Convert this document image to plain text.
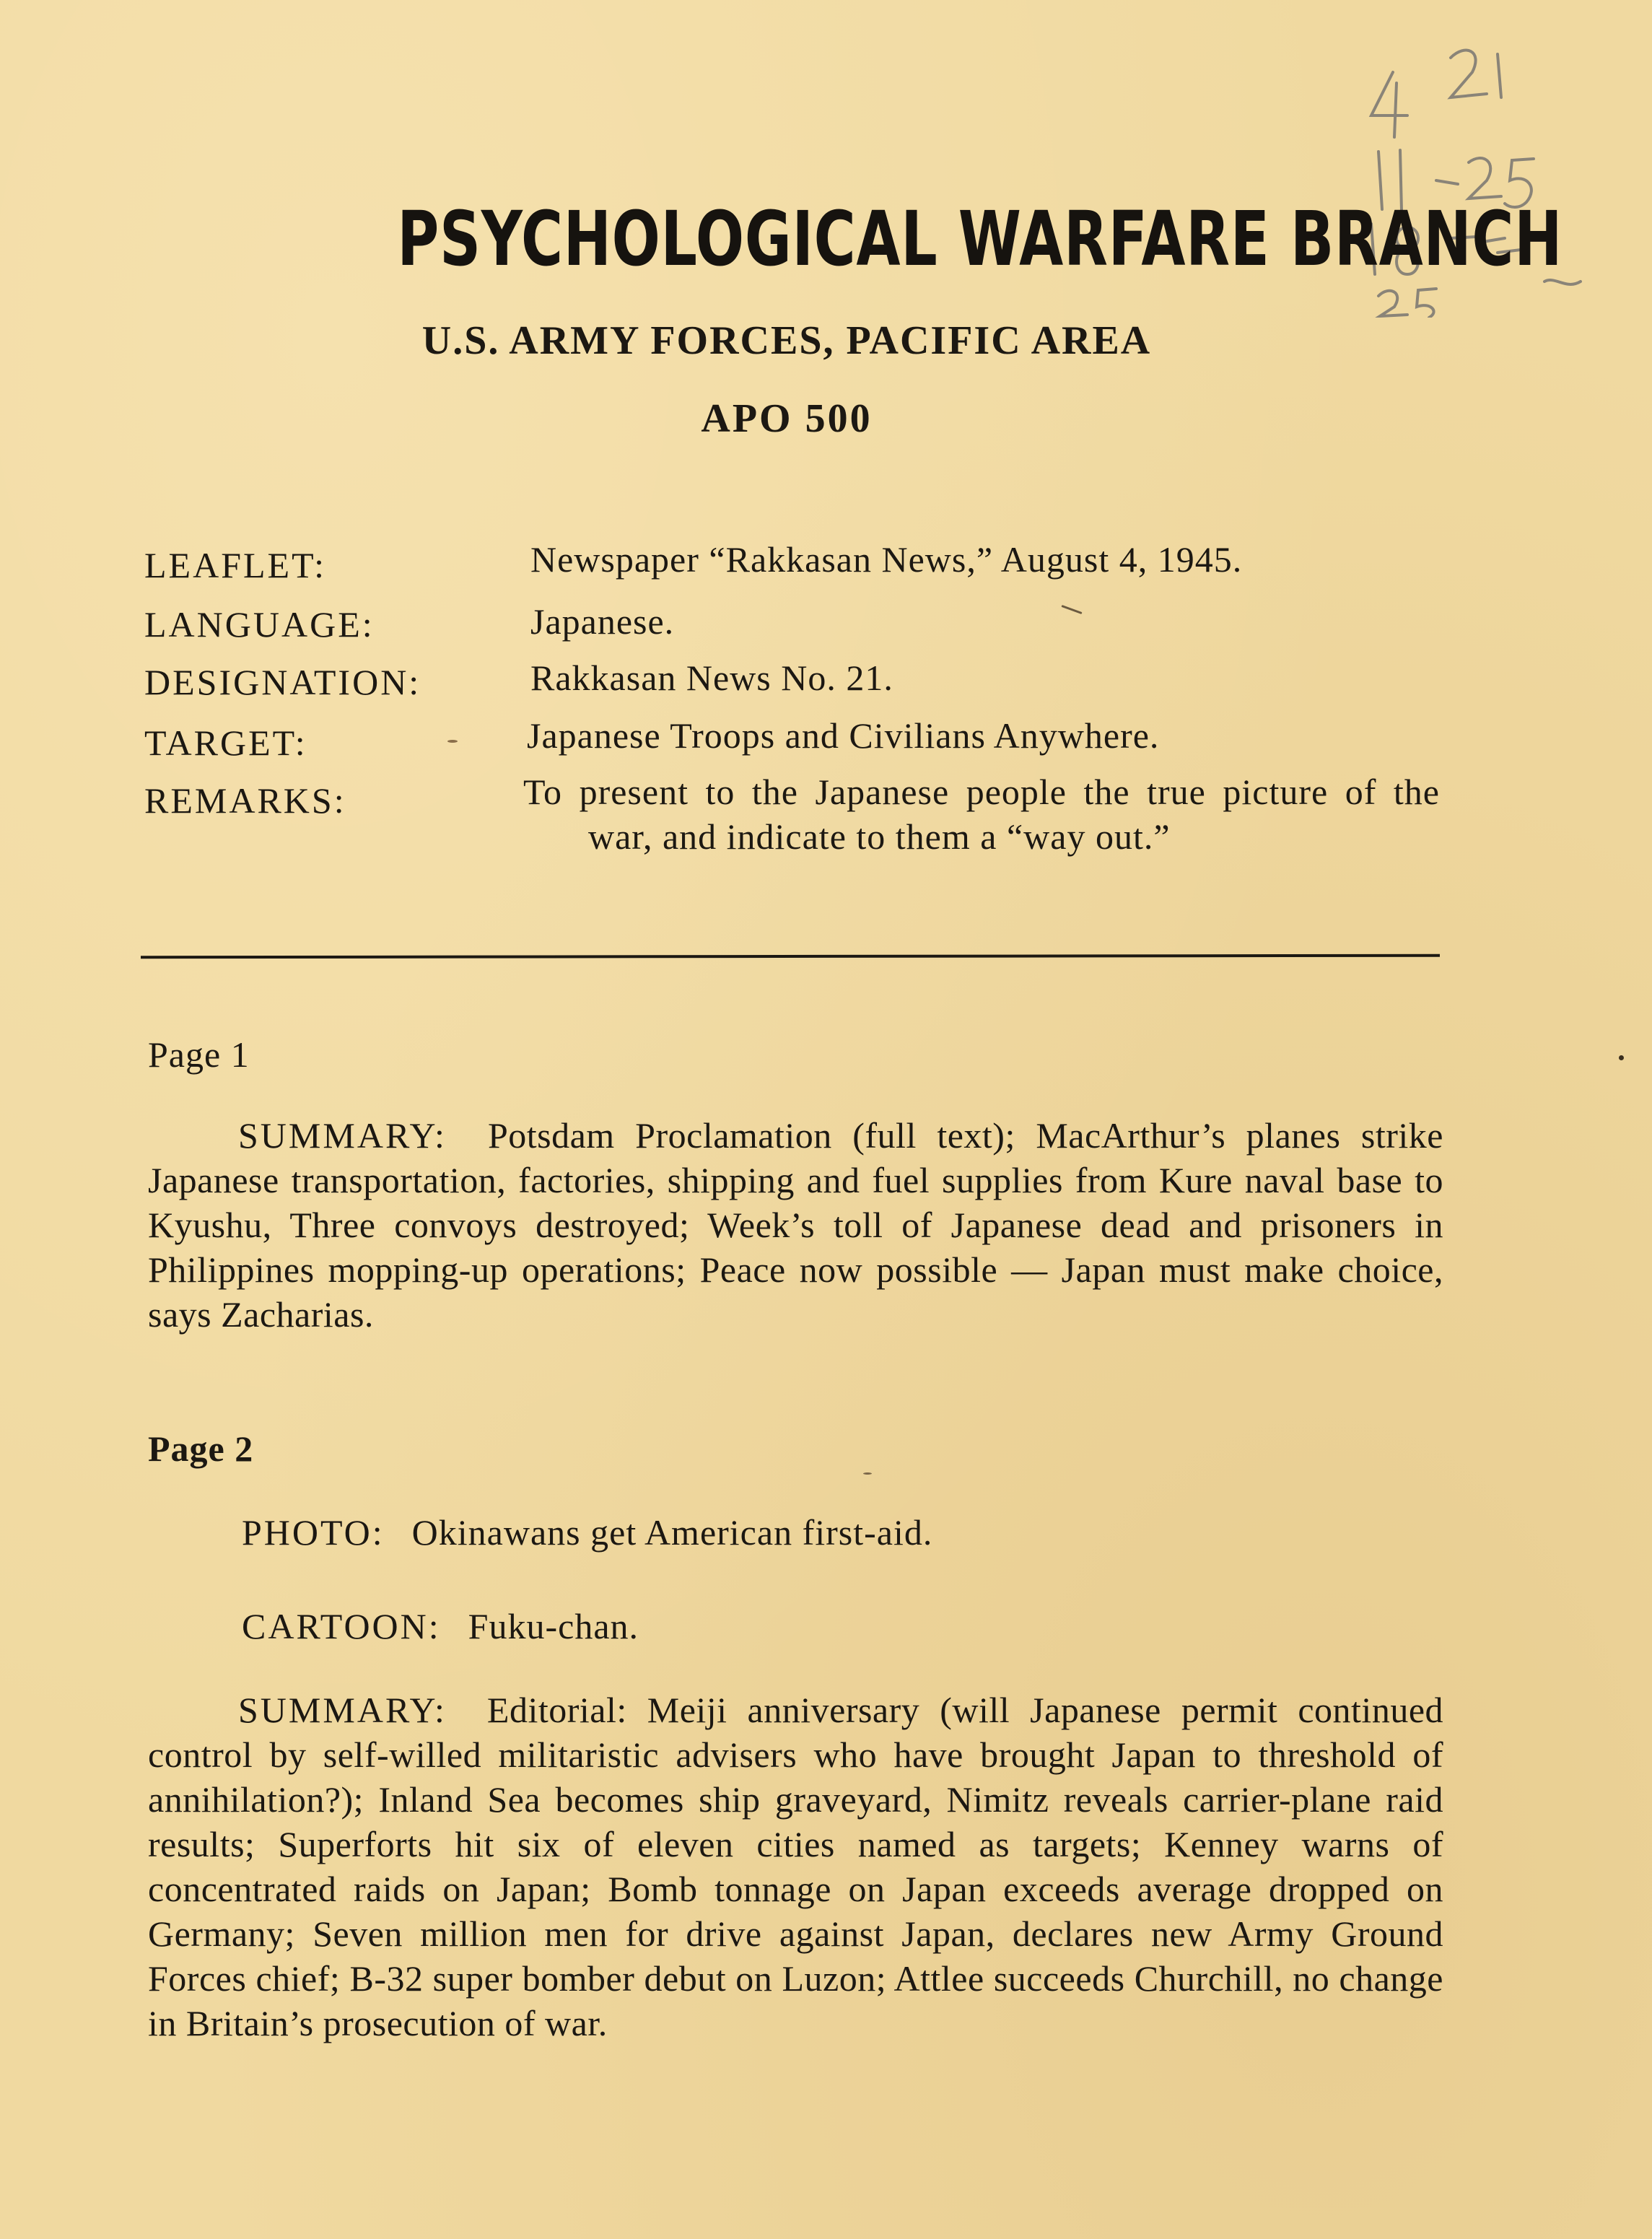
PSYCHOLOGICAL WARFARE BRANCH
U.S. ARMY FORCES, PACIFIC AREA
APO 500
LEAFLET:	Newspaper “Rakkasan News,” August 4, 1945.
LANGUAGE:	Japanese.
DESIGNATION:	Rakkasan News No. 21.
TARGET:	Japanese Troops and Civilians Anywhere.
REMARKS:	To present to the Japanese people the true picture of the war, and indicate to them a “way out.”
Page 1
SUMMARY: Potsdam Proclamation (full text); MacArthur’s planes strike Japanese transportation, factories, shipping and fuel supplies from Kure naval base to Kyushu, Three convoys destroyed; Week’s toll of Japanese dead and prisoners in Philippines mopping-up operations; Peace now possible — Japan must make choice, says Zacharias.
Page 2
PHOTO: Okinawans get American first-aid.
CARTOON: Fuku-chan.
SUMMARY: Editorial: Meiji anniversary (will Japanese permit continued control by self-willed militaristic advisers who have brought Japan to threshold of annihilation?); Inland Sea becomes ship graveyard, Nimitz reveals carrier-plane raid results; Superforts hit six of eleven cities named as targets; Kenney warns of concentrated raids on Japan; Bomb tonnage on Japan exceeds average dropped on Germany; Seven million men for drive against Japan, declares new Army Ground Forces chief; B-32 super bomber debut on Luzon; Attlee succeeds Churchill, no change in Britain’s prosecution of war.
